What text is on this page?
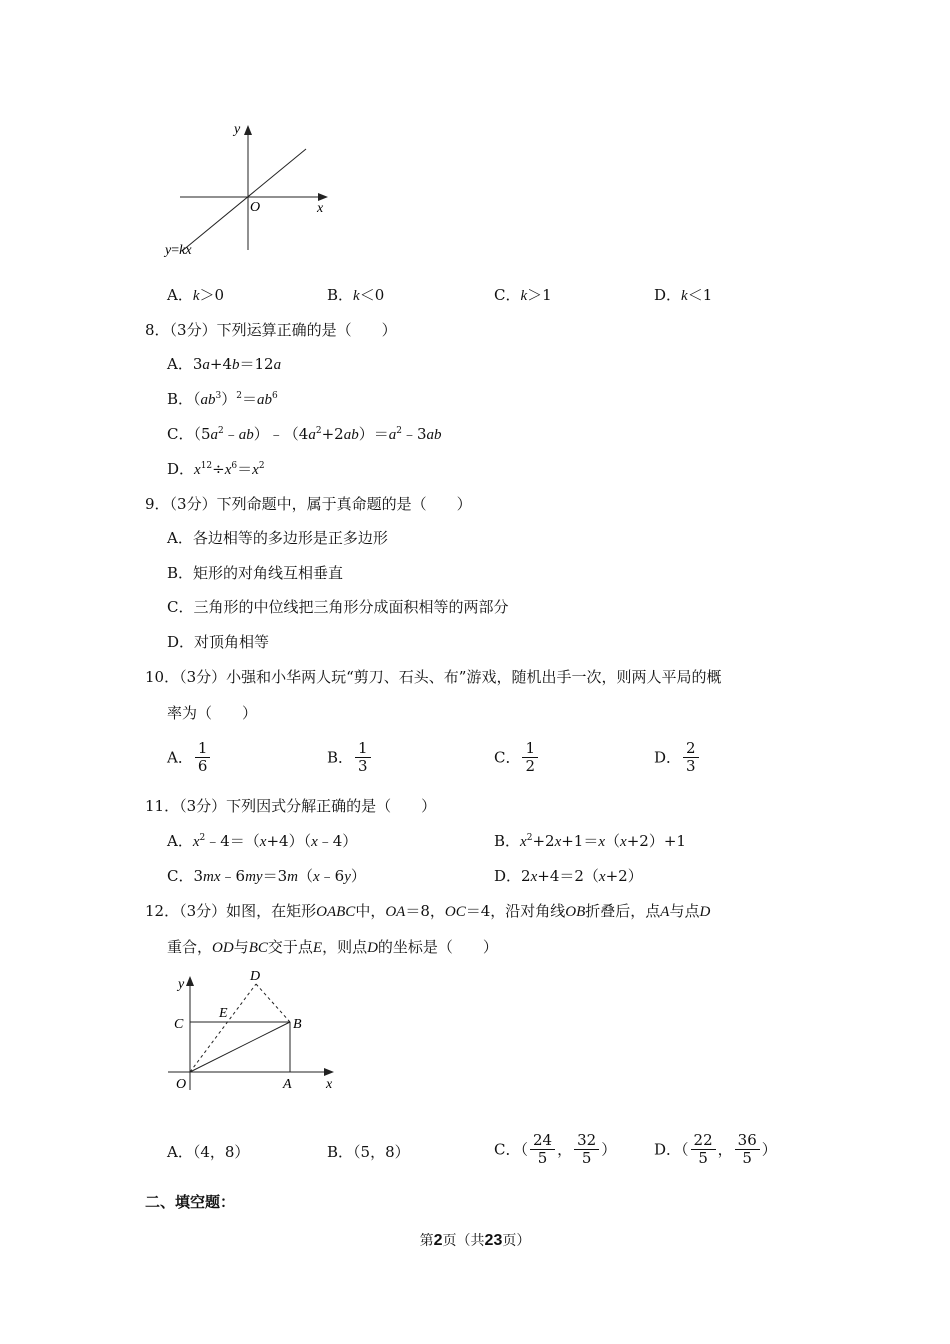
y
x
O
y=kx
A．k＞0	B．k＜0	C．k＞1	D．k＜1
8．（3分）下列运算正确的是（　　）
A．3a+4b＝12a
B．$(ab^3)^2=ab^6$
C．$(5a^2﹣ab)﹣(4a^2+2ab)=a^2﹣3ab$
D．$x^{12}\div x^6=x^2$
9．（3分）下列命题中，属于真命题的是（　　）
A．各边相等的多边形是正多边形
B．矩形的对角线互相垂直
C．三角形的中位线把三角形分成面积相等的两部分
D．对顶角相等
10．（3分）小强和小华两人玩“剪刀、石头、布”游戏，随机出手一次，则两人平局的概
率为（　　）
A． $\frac{1}{6}$	B． $\frac{1}{3}$	C． $\frac{1}{2}$	D． $\frac{2}{3}$
11．（3分）下列因式分解正确的是（　　）
A．$x^2﹣4=(x+4)(x﹣4)$	B．$x^2+2x+1=x(x+2)+1$
C．3mx﹣6my＝3m（x﹣6y）	D．2x+4＝2（x+2）
12．（3分）如图，在矩形OABC中，OA＝8，OC＝4，沿对角线OB折叠后，点A与点D
重合，OD与BC交于点E，则点D的坐标是（　　）
y
x
O	A
B
C
D
E
A．（4，8）	B．（5，8）	C．（ $\frac{24}{5}$ ， $\frac{32}{5}$ ）	D．（ $\frac{22}{5}$ ， $\frac{36}{5}$ ）
二、填空题：
第2页（共23页）
